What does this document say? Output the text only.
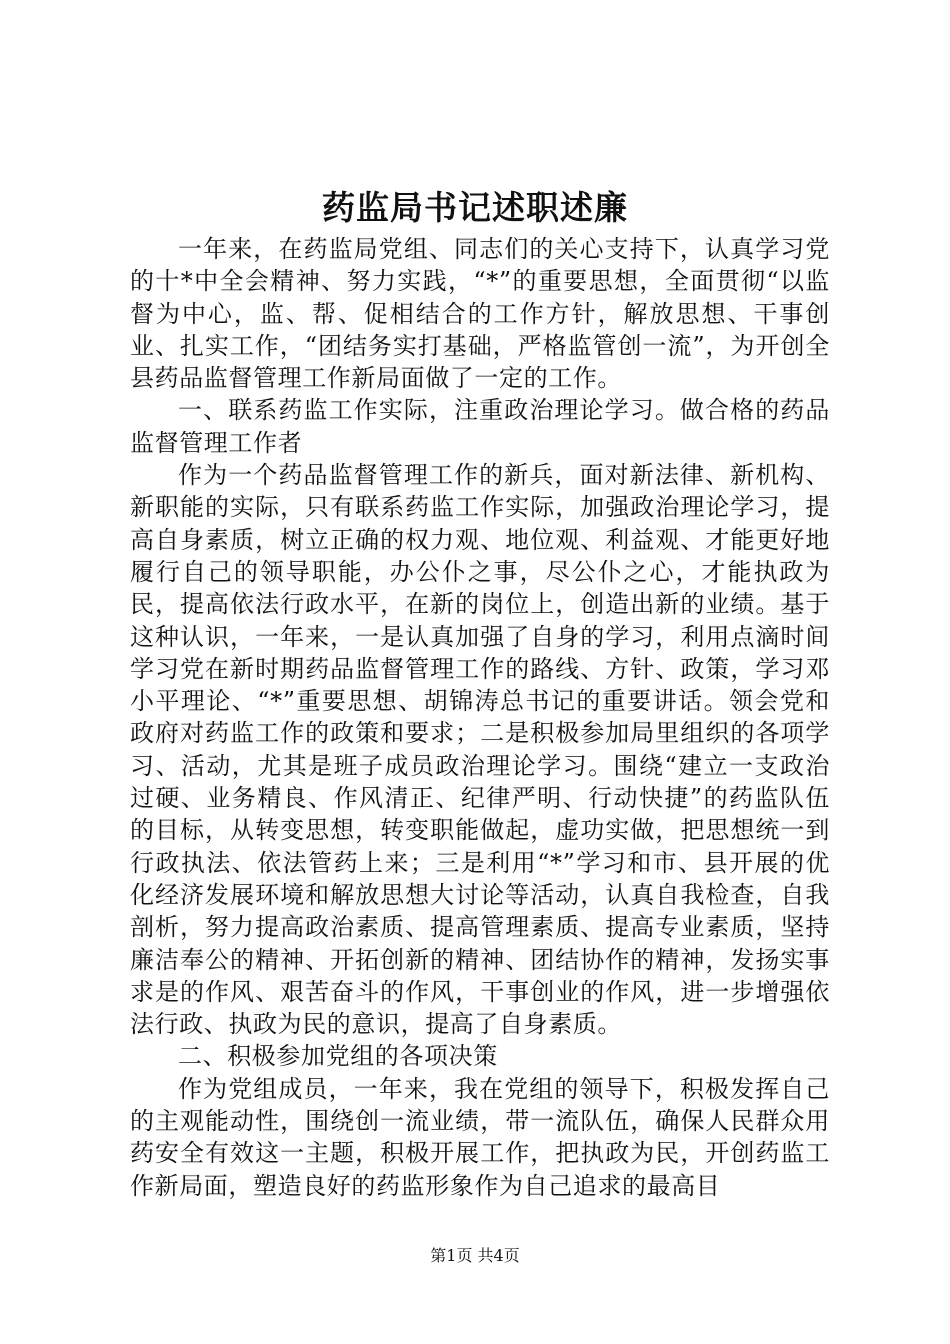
药监局书记述职述廉

一年来，在药监局党组、同志们的关心支持下，认真学习党的十*中全会精神、努力实践，“*”的重要思想，全面贯彻“以监督为中心，监、帮、促相结合的工作方针，解放思想、干事创业、扎实工作，“团结务实打基础，严格监管创一流”，为开创全县药品监督管理工作新局面做了一定的工作。

一、联系药监工作实际，注重政治理论学习。做合格的药品监督管理工作者

作为一个药品监督管理工作的新兵，面对新法律、新机构、新职能的实际，只有联系药监工作实际，加强政治理论学习，提高自身素质，树立正确的权力观、地位观、利益观、才能更好地履行自己的领导职能，办公仆之事，尽公仆之心，才能执政为民，提高依法行政水平，在新的岗位上，创造出新的业绩。基于这种认识，一年来，一是认真加强了自身的学习，利用点滴时间学习党在新时期药品监督管理工作的路线、方针、政策，学习邓小平理论、“*”重要思想、胡锦涛总书记的重要讲话。领会党和政府对药监工作的政策和要求；二是积极参加局里组织的各项学习、活动，尤其是班子成员政治理论学习。围绕“建立一支政治过硬、业务精良、作风清正、纪律严明、行动快捷”的药监队伍的目标，从转变思想，转变职能做起，虚功实做，把思想统一到行政执法、依法管药上来；三是利用“*”学习和市、县开展的优化经济发展环境和解放思想大讨论等活动，认真自我检查，自我剖析，努力提高政治素质、提高管理素质、提高专业素质，坚持廉洁奉公的精神、开拓创新的精神、团结协作的精神，发扬实事求是的作风、艰苦奋斗的作风，干事创业的作风，进一步增强依法行政、执政为民的意识，提高了自身素质。

二、积极参加党组的各项决策

作为党组成员，一年来，我在党组的领导下，积极发挥自己的主观能动性，围绕创一流业绩，带一流队伍，确保人民群众用药安全有效这一主题，积极开展工作，把执政为民，开创药监工作新局面，塑造良好的药监形象作为自己追求的最高目

第1页 共4页
